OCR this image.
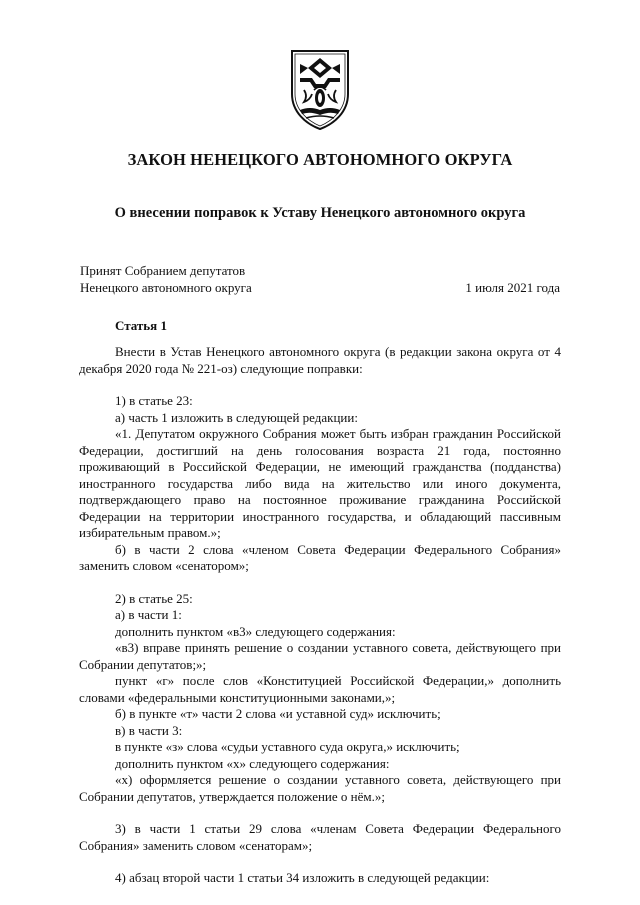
ЗАКОН НЕНЕЦКОГО АВТОНОМНОГО ОКРУГА
О внесении поправок к Уставу Ненецкого автономного округа
Принят Собранием депутатов
Ненецкого автономного округа	1 июля 2021 года
Статья 1

Внести в Устав Ненецкого автономного округа (в редакции закона округа от 4 декабря 2020 года № 221-оз) следующие поправки:

1) в статье 23:

а) часть 1 изложить в следующей редакции:

«1. Депутатом окружного Собрания может быть избран гражданин Российской Федерации, достигший на день голосования возраста 21 года, постоянно проживающий в Российской Федерации, не имеющий гражданства (подданства) иностранного государства либо вида на жительство или иного документа, подтверждающего право на постоянное проживание гражданина Российской Федерации на территории иностранного государства, и обладающий пассивным избирательным правом.»;

б) в части 2 слова «членом Совета Федерации Федерального Собрания» заменить словом «сенатором»;

2) в статье 25:

а) в части 1:

дополнить пунктом «в3» следующего содержания:

«в3) вправе принять решение о создании уставного совета, действующего при Собрании депутатов;»;

пункт «г» после слов «Конституцией Российской Федерации,» дополнить словами «федеральными конституционными законами,»;

б) в пункте «т» части 2 слова «и уставной суд» исключить;

в) в части 3:

в пункте «з» слова «судьи уставного суда округа,» исключить;

дополнить пунктом «х» следующего содержания:

«х) оформляется решение о создании уставного совета, действующего при Собрании депутатов, утверждается положение о нём.»;

3) в части 1 статьи 29 слова «членам Совета Федерации Федерального Собрания» заменить словом «сенаторам»;

4) абзац второй части 1 статьи 34 изложить в следующей редакции:
